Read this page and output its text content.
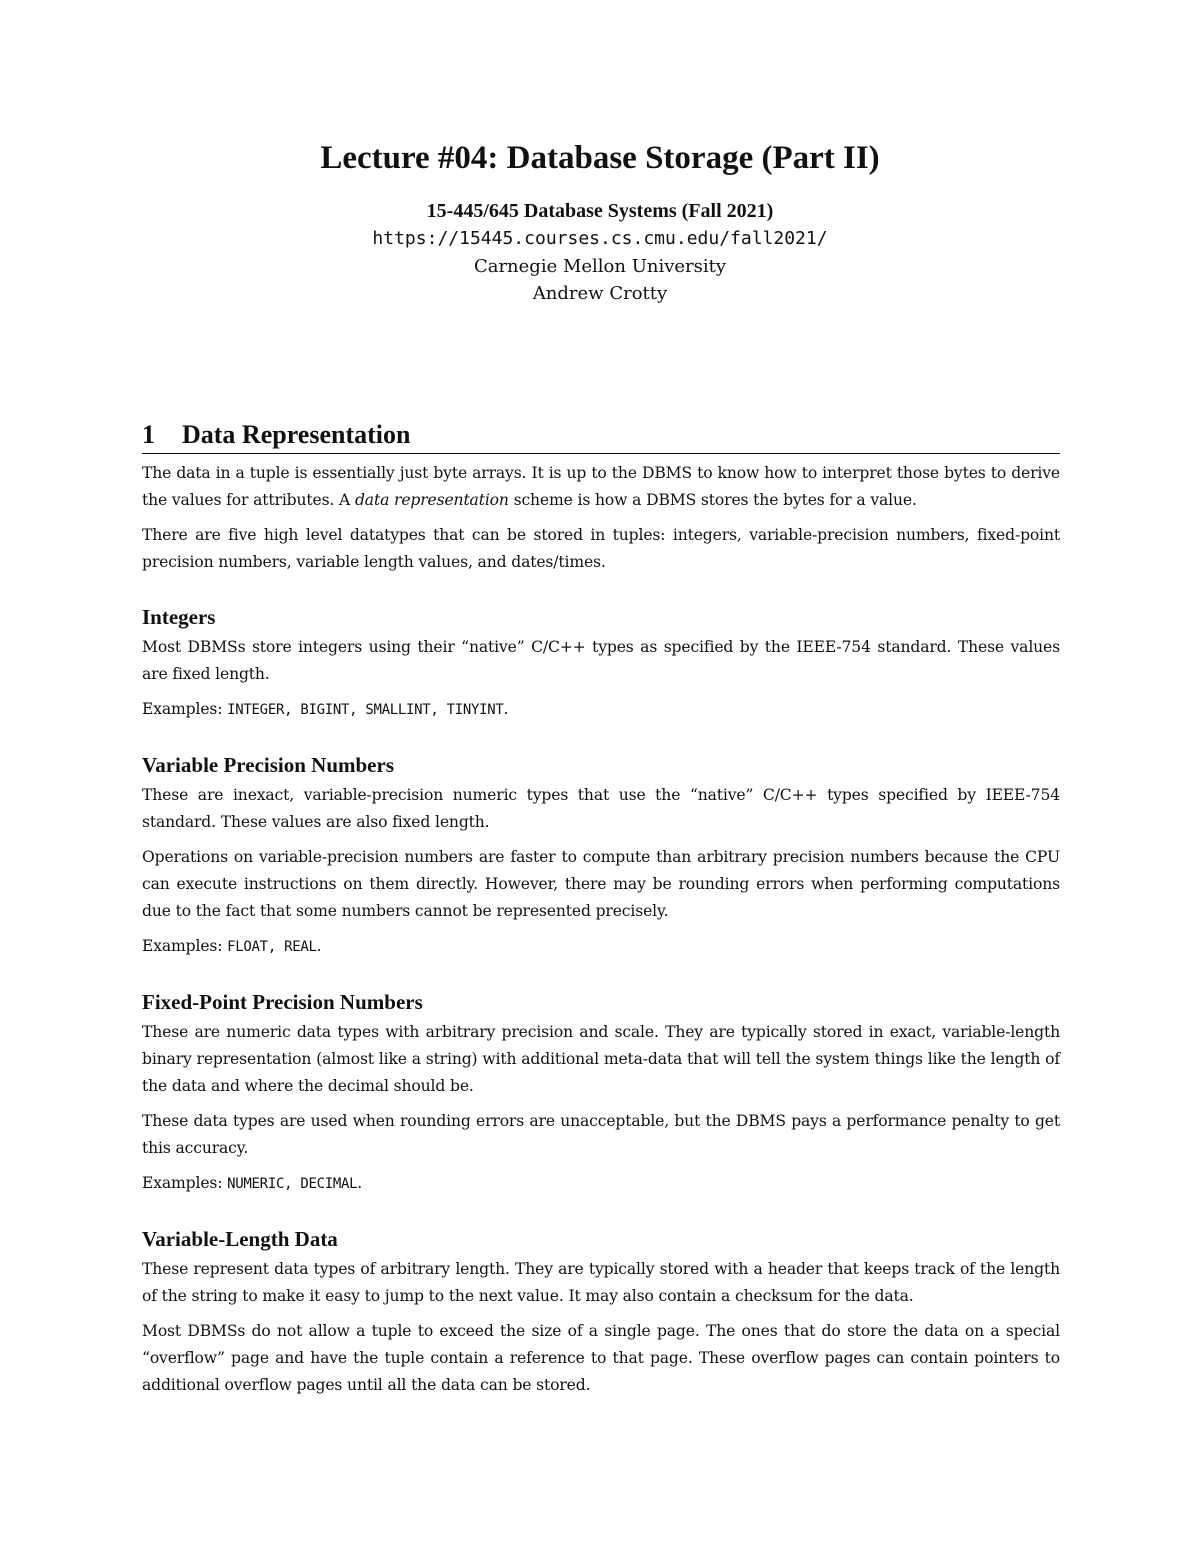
Lecture #04: Database Storage (Part II)
15-445/645 Database Systems (Fall 2021)
https://15445.courses.cs.cmu.edu/fall2021/
Carnegie Mellon University
Andrew Crotty
1	Data Representation

The data in a tuple is essentially just byte arrays. It is up to the DBMS to know how to interpret those bytes to derive the values for attributes. A data representation scheme is how a DBMS stores the bytes for a value.

There are five high level datatypes that can be stored in tuples: integers, variable-precision numbers, fixed-point precision numbers, variable length values, and dates/times.

Integers

Most DBMSs store integers using their “native” C/C++ types as specified by the IEEE-754 standard. These values are fixed length.

Examples: INTEGER, BIGINT, SMALLINT, TINYINT.

Variable Precision Numbers

These are inexact, variable-precision numeric types that use the “native” C/C++ types specified by IEEE-754 standard. These values are also fixed length.

Operations on variable-precision numbers are faster to compute than arbitrary precision numbers because the CPU can execute instructions on them directly. However, there may be rounding errors when performing computations due to the fact that some numbers cannot be represented precisely.

Examples: FLOAT, REAL.

Fixed-Point Precision Numbers

These are numeric data types with arbitrary precision and scale. They are typically stored in exact, variable-length binary representation (almost like a string) with additional meta-data that will tell the system things like the length of the data and where the decimal should be.

These data types are used when rounding errors are unacceptable, but the DBMS pays a performance penalty to get this accuracy.

Examples: NUMERIC, DECIMAL.

Variable-Length Data

These represent data types of arbitrary length. They are typically stored with a header that keeps track of the length of the string to make it easy to jump to the next value. It may also contain a checksum for the data.

Most DBMSs do not allow a tuple to exceed the size of a single page. The ones that do store the data on a special “overflow” page and have the tuple contain a reference to that page. These overflow pages can contain pointers to additional overflow pages until all the data can be stored.
